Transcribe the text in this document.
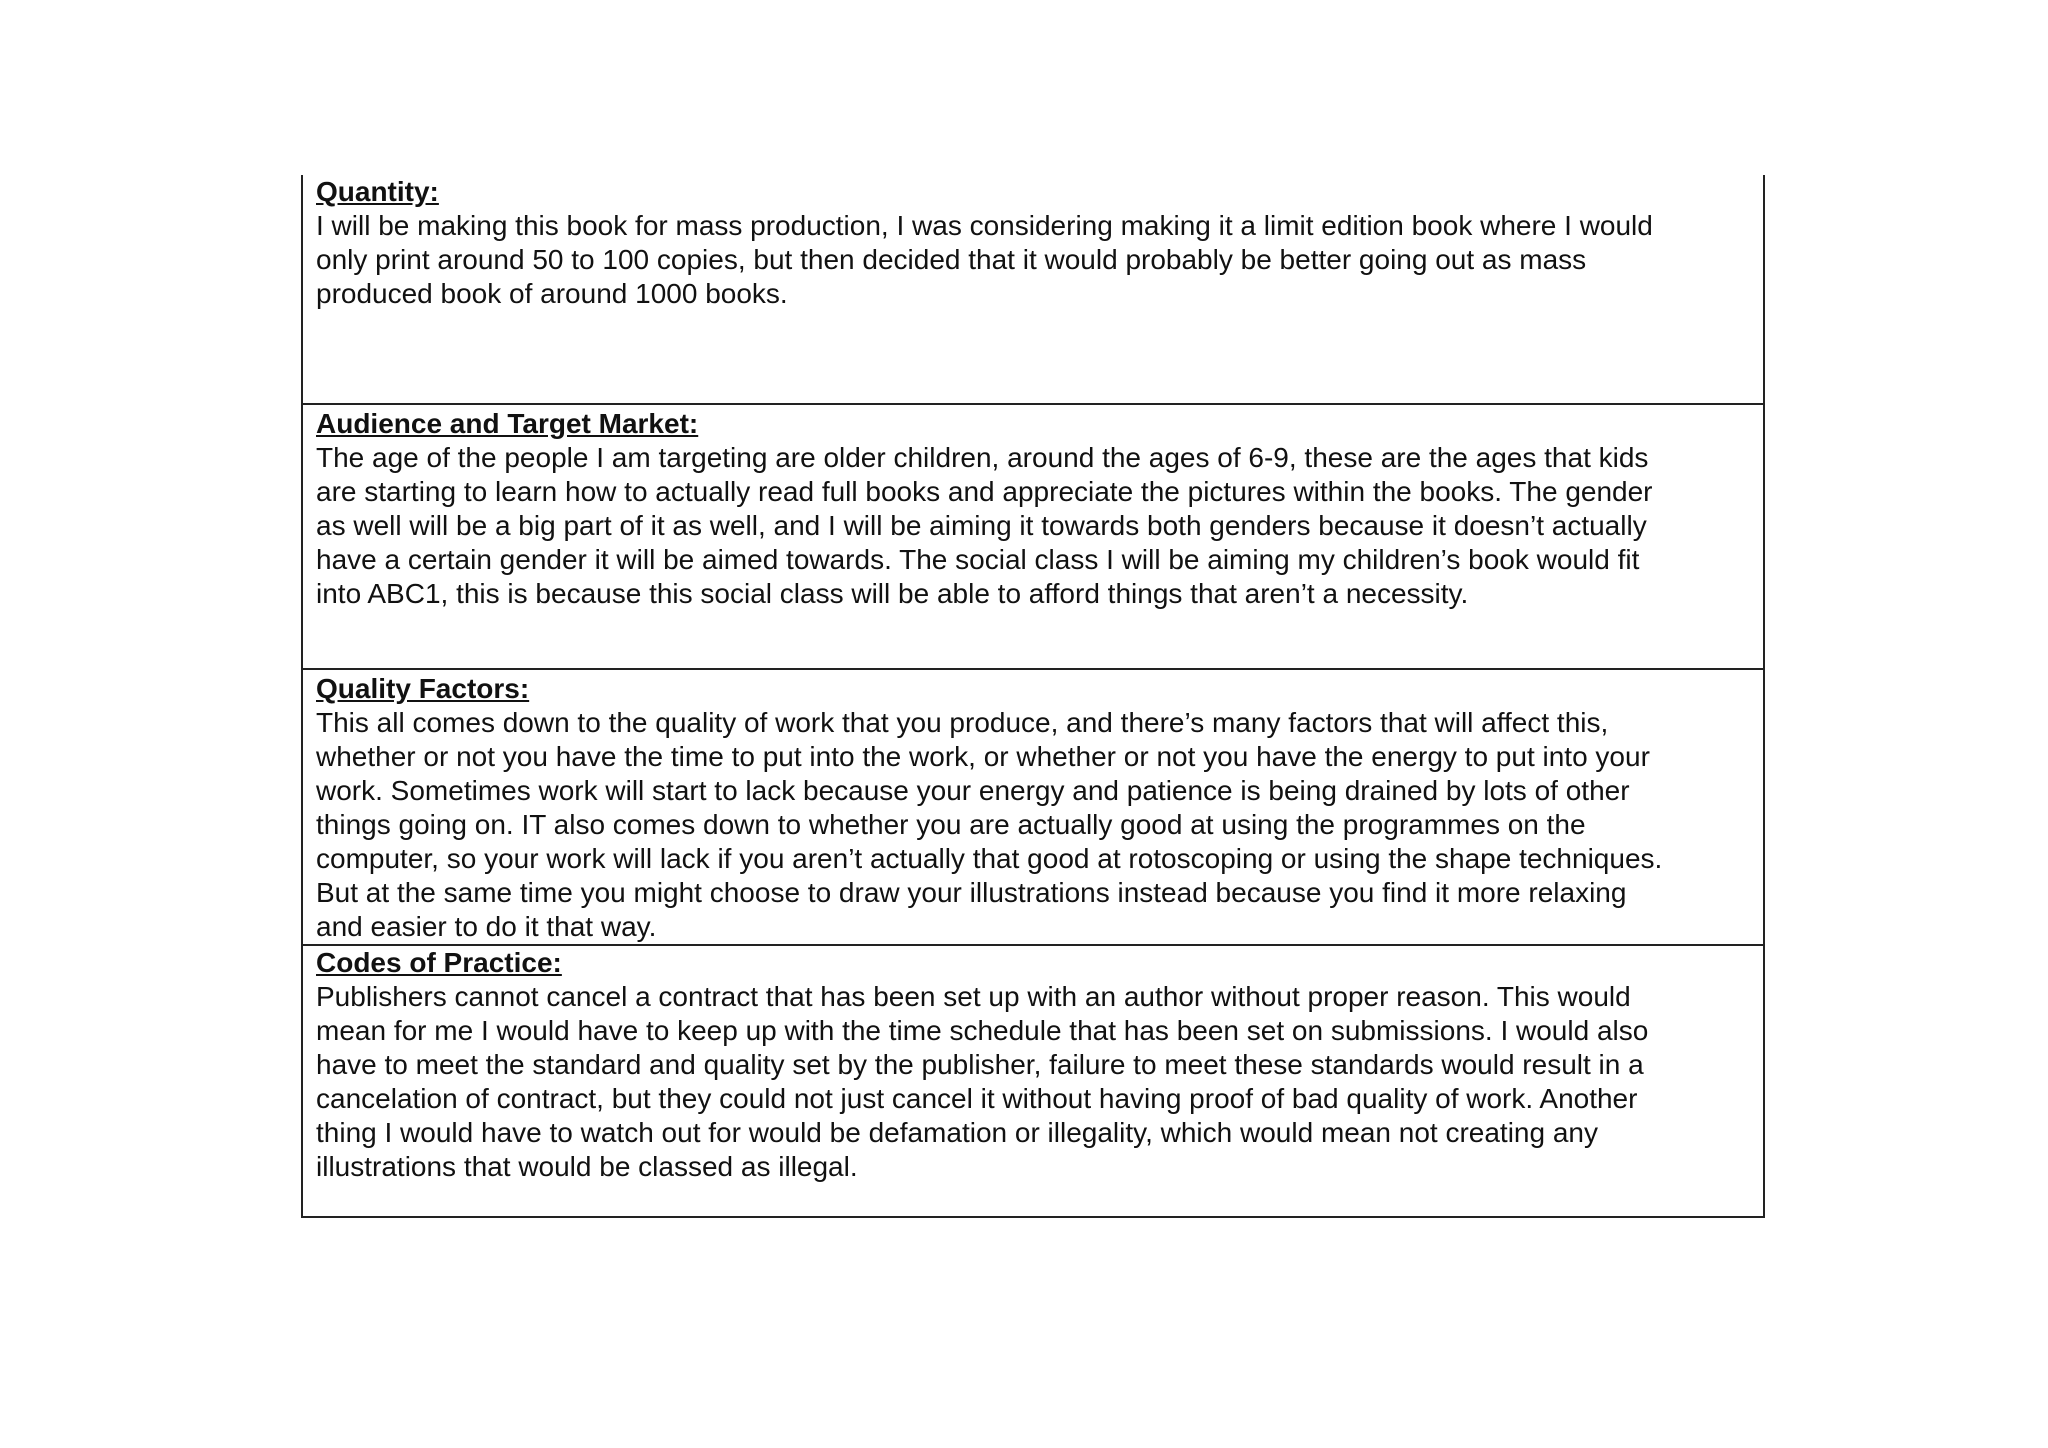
Quantity:

I will be making this book for mass production, I was considering making it a limit edition book where I would

only print around 50 to 100 copies, but then decided that it would probably be better going out as mass

produced book of around 1000 books.

Audience and Target Market:

The age of the people I am targeting are older children, around the ages of 6-9, these are the ages that kids

are starting to learn how to actually read full books and appreciate the pictures within the books. The gender

as well will be a big part of it as well, and I will be aiming it towards both genders because it doesn’t actually

have a certain gender it will be aimed towards. The social class I will be aiming my children’s book would fit

into ABC1, this is because this social class will be able to afford things that aren’t a necessity.

Quality Factors:

This all comes down to the quality of work that you produce, and there’s many factors that will affect this,

whether or not you have the time to put into the work, or whether or not you have the energy to put into your

work. Sometimes work will start to lack because your energy and patience is being drained by lots of other

things going on. IT also comes down to whether you are actually good at using the programmes on the

computer, so your work will lack if you aren’t actually that good at rotoscoping or using the shape techniques.

But at the same time you might choose to draw your illustrations instead because you find it more relaxing

and easier to do it that way.

Codes of Practice:

Publishers cannot cancel a contract that has been set up with an author without proper reason. This would

mean for me I would have to keep up with the time schedule that has been set on submissions. I would also

have to meet the standard and quality set by the publisher, failure to meet these standards would result in a

cancelation of contract, but they could not just cancel it without having proof of bad quality of work. Another

thing I would have to watch out for would be defamation or illegality, which would mean not creating any

illustrations that would be classed as illegal.
